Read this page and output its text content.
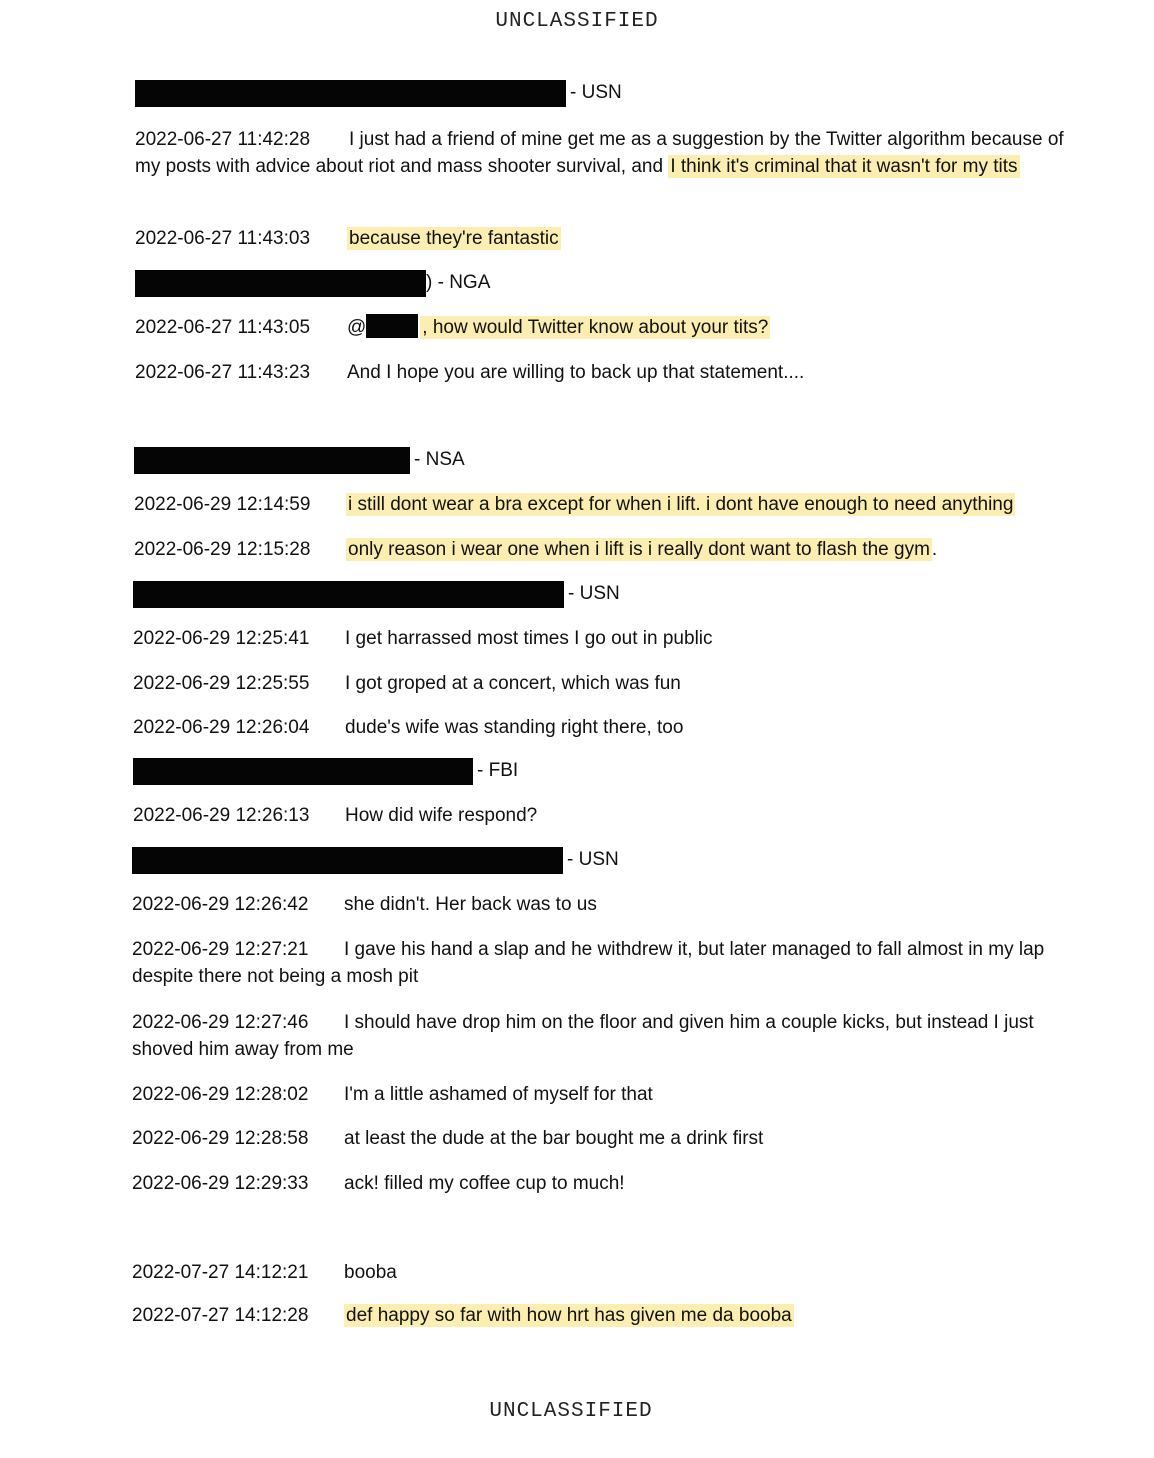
UNCLASSIFIED
- USN
2022-06-27 11:42:28 I just had a friend of mine get me as a suggestion by the Twitter algorithm because of my posts with advice about riot and mass shooter survival, and I think it's criminal that it wasn't for my tits
2022-06-27 11:43:03 because they're fantastic
) - NGA
2022-06-27 11:43:05 @	, how would Twitter know about your tits?
2022-06-27 11:43:23 And I hope you are willing to back up that statement....
- NSA
2022-06-29 12:14:59 i still dont wear a bra except for when i lift. i dont have enough to need anything
2022-06-29 12:15:28 only reason i wear one when i lift is i really dont want to flash the gym .
- USN
2022-06-29 12:25:41 I get harrassed most times I go out in public
2022-06-29 12:25:55 I got groped at a concert, which was fun
2022-06-29 12:26:04 dude's wife was standing right there, too
- FBI
2022-06-29 12:26:13 How did wife respond?
- USN
2022-06-29 12:26:42 she didn't. Her back was to us
2022-06-29 12:27:21 I gave his hand a slap and he withdrew it, but later managed to fall almost in my lap despite there not being a mosh pit
2022-06-29 12:27:46 I should have drop him on the floor and given him a couple kicks, but instead I just shoved him away from me
2022-06-29 12:28:02 I'm a little ashamed of myself for that
2022-06-29 12:28:58 at least the dude at the bar bought me a drink first
2022-06-29 12:29:33 ack! filled my coffee cup to much!
2022-07-27 14:12:21 booba
2022-07-27 14:12:28 def happy so far with how hrt has given me da booba
UNCLASSIFIED
